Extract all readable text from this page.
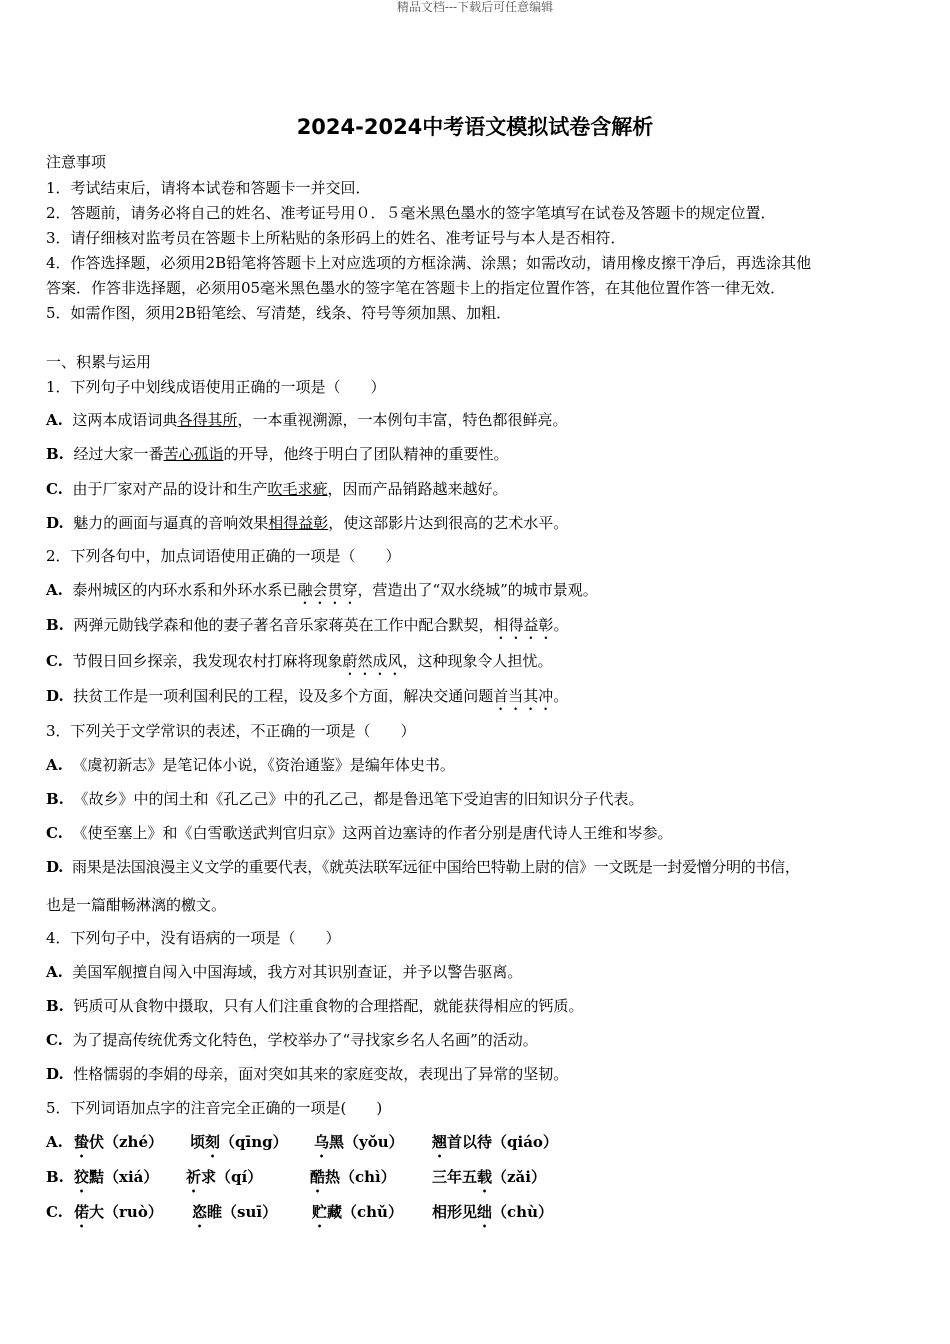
精品文档---下载后可任意编辑
2024-2024中考语文模拟试卷含解析
注意事项
1．考试结束后，请将本试卷和答题卡一并交回．
2．答题前，请务必将自己的姓名、准考证号用０．５毫米黑色墨水的签字笔填写在试卷及答题卡的规定位置．
3．请仔细核对监考员在答题卡上所粘贴的条形码上的姓名、准考证号与本人是否相符．
4．作答选择题，必须用2B铅笔将答题卡上对应选项的方框涂满、涂黑；如需改动，请用橡皮擦干净后，再选涂其他
答案．作答非选择题，必须用05毫米黑色墨水的签字笔在答题卡上的指定位置作答，在其他位置作答一律无效．
5．如需作图，须用2B铅笔绘、写清楚，线条、符号等须加黑、加粗．
一、积累与运用
1．下列句子中划线成语使用正确的一项是（　　）
A. 这两本成语词典各得其所，一本重视溯源，一本例句丰富，特色都很鲜亮。
B. 经过大家一番苦心孤诣的开导，他终于明白了团队精神的重要性。
C. 由于厂家对产品的设计和生产吹毛求疵，因而产品销路越来越好。
D. 魅力的画面与逼真的音响效果相得益彰，使这部影片达到很高的艺术水平。
2．下列各句中，加点词语使用正确的一项是（　　）
A. 泰州城区的内环水系和外环水系已融会贯穿，营造出了“双水绕城”的城市景观。
B. 两弹元勋钱学森和他的妻子著名音乐家蒋英在工作中配合默契，相得益彰。
C. 节假日回乡探亲，我发现农村打麻将现象蔚然成风，这种现象令人担忧。
D. 扶贫工作是一项利国利民的工程，设及多个方面，解决交通问题首当其冲。
3．下列关于文学常识的表述，不正确的一项是（　　）
A. 《虞初新志》是笔记体小说，《资治通鉴》是编年体史书。
B. 《故乡》中的闰土和《孔乙己》中的孔乙己，都是鲁迅笔下受迫害的旧知识分子代表。
C. 《使至塞上》和《白雪歌送武判官归京》这两首边塞诗的作者分别是唐代诗人王维和岑参。
D. 雨果是法国浪漫主义文学的重要代表，《就英法联军远征中国给巴特勒上尉的信》一文既是一封爱憎分明的书信，
也是一篇酣畅淋漓的檄文。
4．下列句子中，没有语病的一项是（　　）
A. 美国军舰擅自闯入中国海域，我方对其识别查证，并予以警告驱离。
B. 钙质可从食物中摄取，只有人们注重食物的合理搭配，就能获得相应的钙质。
C. 为了提高传统优秀文化特色，学校举办了“寻找家乡名人名画”的活动。
D. 性格懦弱的李娟的母亲，面对突如其来的家庭变故，表现出了异常的坚韧。
5．下列词语加点字的注音完全正确的一项是(　　)
A. 蛰伏（zhé） 顷刻（qīng） 乌黑（yǒu） 翘首以待（qiáo）
B. 狡黠（xiá） 祈求（qí）	酷热（chì） 三年五载（zǎi）
C. 偌大（ruò） 恣睢（suī） 贮藏（chǔ） 相形见绌（chù）
